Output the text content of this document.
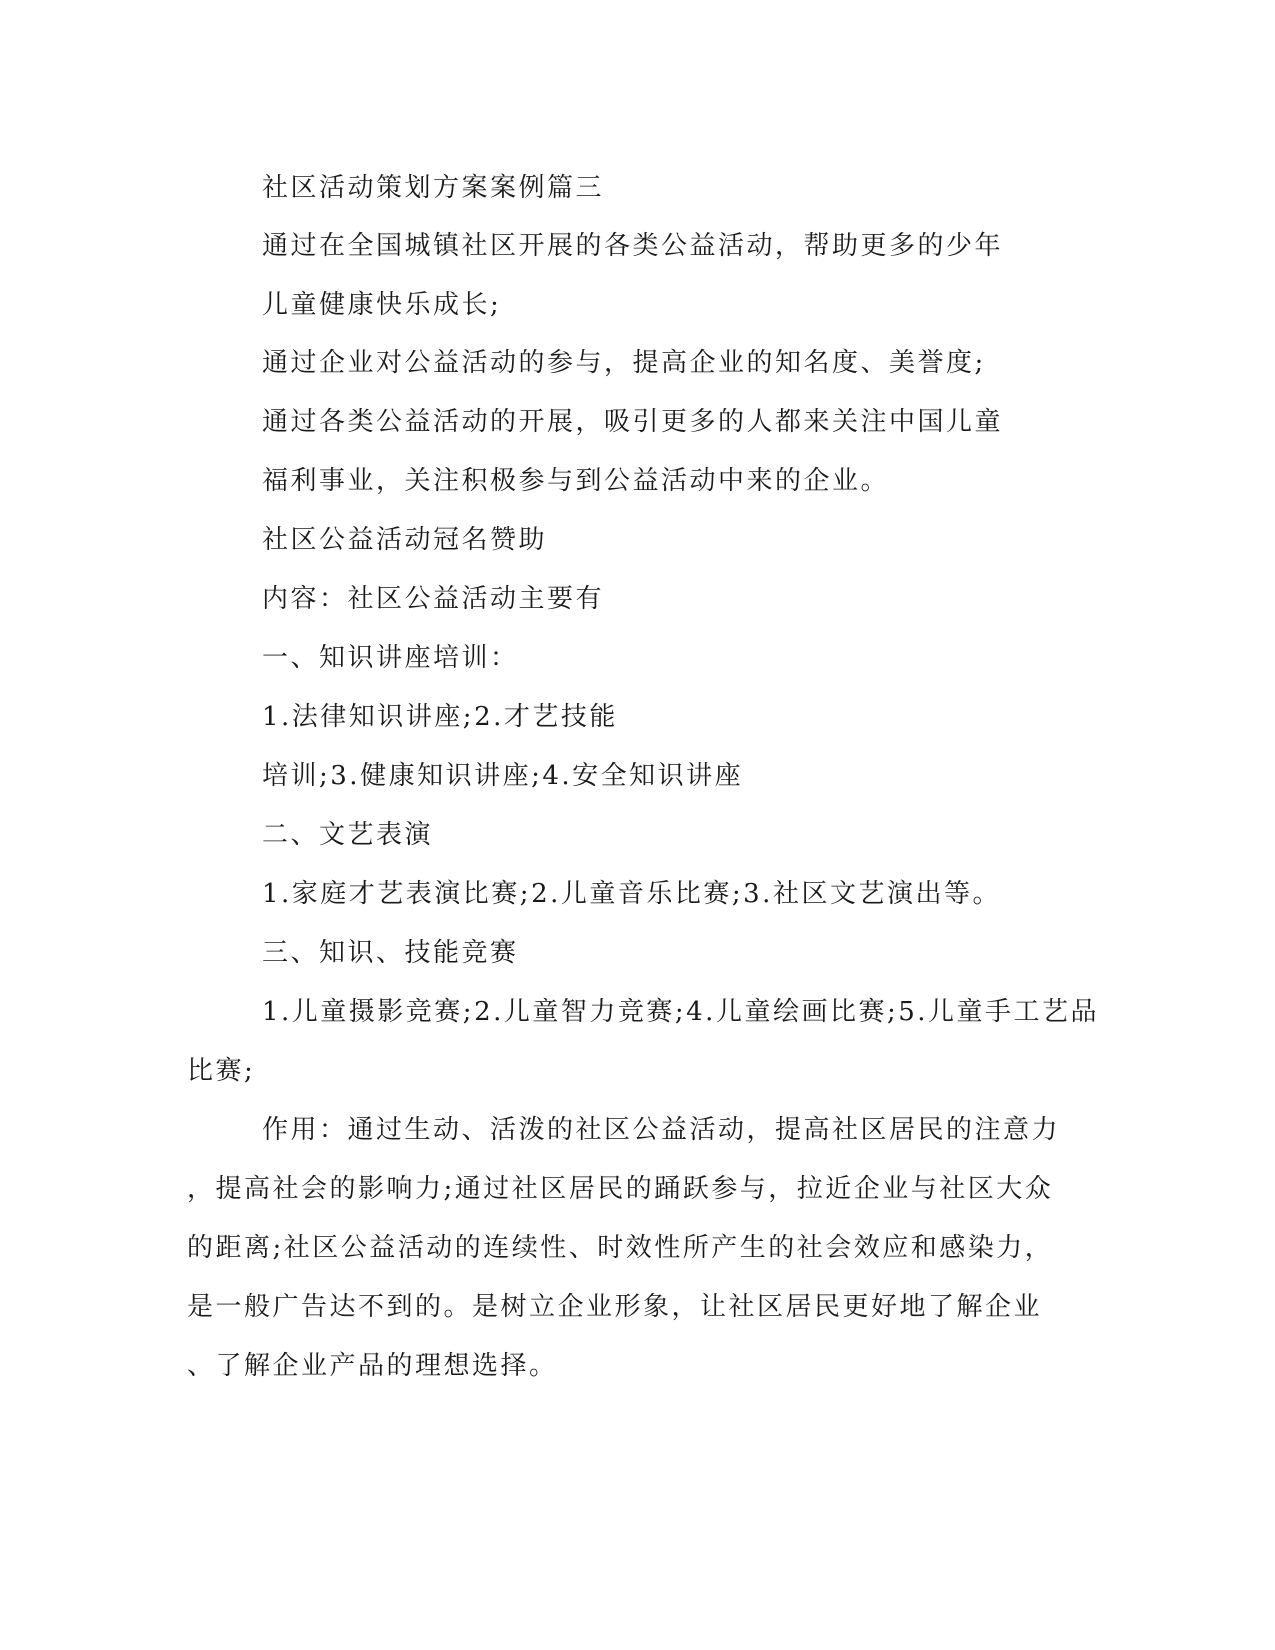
社区活动策划方案案例篇三

通过在全国城镇社区开展的各类公益活动，帮助更多的少年

儿童健康快乐成长;

通过企业对公益活动的参与，提高企业的知名度、美誉度;

通过各类公益活动的开展，吸引更多的人都来关注中国儿童

福利事业，关注积极参与到公益活动中来的企业。

社区公益活动冠名赞助

内容：社区公益活动主要有

一、知识讲座培训：

1.法律知识讲座;2.才艺技能

培训;3.健康知识讲座;4.安全知识讲座

二、文艺表演

1.家庭才艺表演比赛;2.儿童音乐比赛;3.社区文艺演出等。

三、知识、技能竞赛

1.儿童摄影竞赛;2.儿童智力竞赛;4.儿童绘画比赛;5.儿童手工艺品

比赛;

作用：通过生动、活泼的社区公益活动，提高社区居民的注意力

，提高社会的影响力;通过社区居民的踊跃参与，拉近企业与社区大众

的距离;社区公益活动的连续性、时效性所产生的社会效应和感染力，

是一般广告达不到的。是树立企业形象，让社区居民更好地了解企业

、了解企业产品的理想选择。
